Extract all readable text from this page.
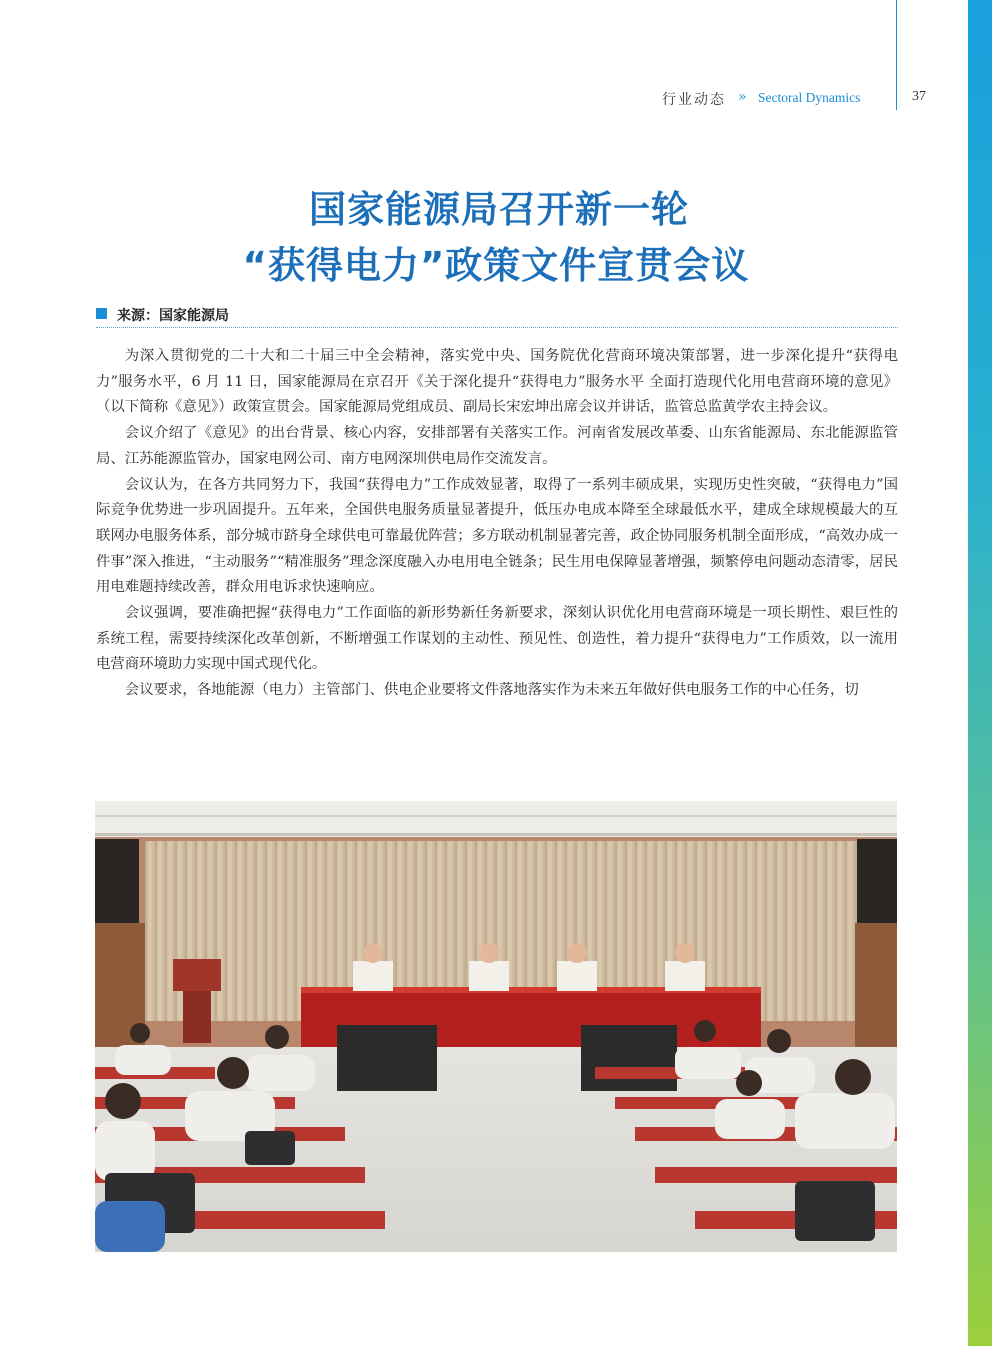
行业动态 » Sectoral Dynamics	37
国家能源局召开新一轮
“获得电力”政策文件宣贯会议
来源：国家能源局

为深入贯彻党的二十大和二十届三中全会精神，落实党中央、国务院优化营商环境决策部署，进一步深化提升“获得电力”服务水平，6 月 11 日，国家能源局在京召开《关于深化提升“获得电力”服务水平 全面打造现代化用电营商环境的意见》（以下简称《意见》）政策宣贯会。国家能源局党组成员、副局长宋宏坤出席会议并讲话，监管总监黄学农主持会议。

会议介绍了《意见》的出台背景、核心内容，安排部署有关落实工作。河南省发展改革委、山东省能源局、东北能源监管局、江苏能源监管办，国家电网公司、南方电网深圳供电局作交流发言。

会议认为，在各方共同努力下，我国“获得电力”工作成效显著，取得了一系列丰硕成果，实现历史性突破，“获得电力”国际竞争优势进一步巩固提升。五年来，全国供电服务质量显著提升，低压办电成本降至全球最低水平，建成全球规模最大的互联网办电服务体系，部分城市跻身全球供电可靠最优阵营；多方联动机制显著完善，政企协同服务机制全面形成，“高效办成一件事”深入推进，“主动服务”“精准服务”理念深度融入办电用电全链条；民生用电保障显著增强，频繁停电问题动态清零，居民用电难题持续改善，群众用电诉求快速响应。

会议强调，要准确把握“获得电力”工作面临的新形势新任务新要求，深刻认识优化用电营商环境是一项长期性、艰巨性的系统工程，需要持续深化改革创新，不断增强工作谋划的主动性、预见性、创造性，着力提升“获得电力”工作质效，以一流用电营商环境助力实现中国式现代化。

会议要求，各地能源（电力）主管部门、供电企业要将文件落地落实作为未来五年做好供电服务工作的中心任务，切
